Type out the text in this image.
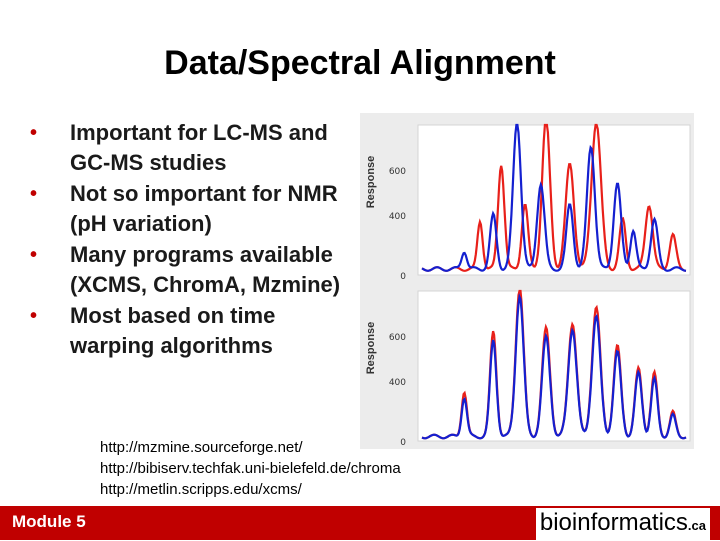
Data/Spectral Alignment
• Important for LC-MS and GC-MS studies
• Not so important for NMR (pH variation)
• Many programs available (XCMS, ChromA, Mzmine)
• Most based on time warping algorithms
Response
0
400
600
Response
0
400
600
http://mzmine.sourceforge.net/
http://bibiserv.techfak.uni-bielefeld.de/chroma
http://metlin.scripps.edu/xcms/
Module 5	bioinformatics.ca
